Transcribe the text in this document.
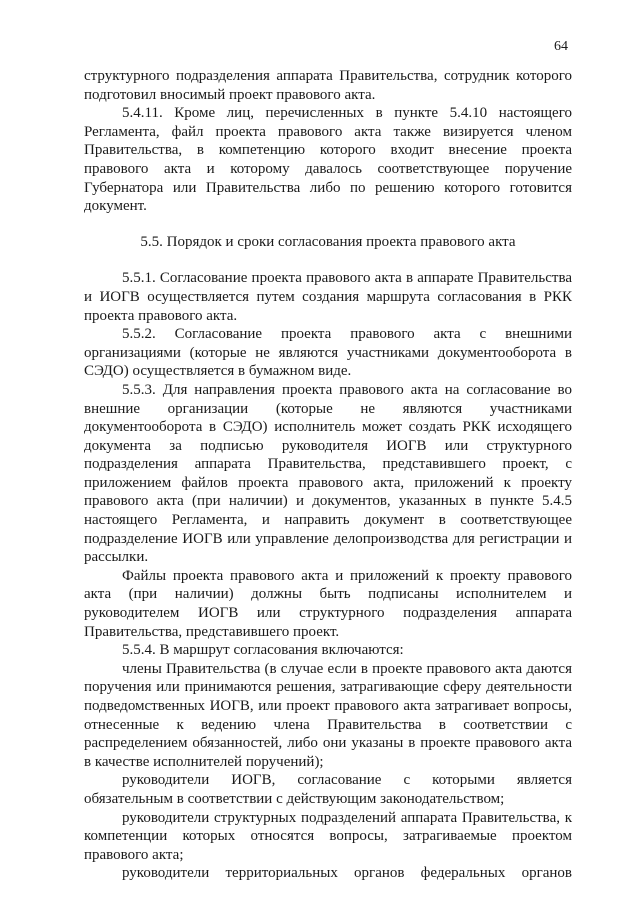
64

структурного подразделения аппарата Правительства, сотрудник которого подготовил вносимый проект правового акта.

5.4.11. Кроме лиц, перечисленных в пункте 5.4.10 настоящего Регламента, файл проекта правового акта также визируется членом Правительства, в компетенцию которого входит внесение проекта правового акта и которому давалось соответствующее поручение Губернатора или Правительства либо по решению которого готовится документ.

5.5. Порядок и сроки согласования проекта правового акта

5.5.1. Согласование проекта правового акта в аппарате Правительства и ИОГВ осуществляется путем создания маршрута согласования в РКК проекта правового акта.

5.5.2. Согласование проекта правового акта с внешними организациями (которые не являются участниками документооборота в СЭДО) осуществляется в бумажном виде.

5.5.3. Для направления проекта правового акта на согласование во внешние организации (которые не являются участниками документооборота в СЭДО) исполнитель может создать РКК исходящего документа за подписью руководителя ИОГВ или структурного подразделения аппарата Правительства, представившего проект, с приложением файлов проекта правового акта, приложений к проекту правового акта (при наличии) и документов, указанных в пункте 5.4.5 настоящего Регламента, и направить документ в соответствующее подразделение ИОГВ или управление делопроизводства для регистрации и рассылки.

Файлы проекта правового акта и приложений к проекту правового акта (при наличии) должны быть подписаны исполнителем и руководителем ИОГВ или структурного подразделения аппарата Правительства, представившего проект.

5.5.4. В маршрут согласования включаются:

члены Правительства (в случае если в проекте правового акта даются поручения или принимаются решения, затрагивающие сферу деятельности подведомственных ИОГВ, или проект правового акта затрагивает вопросы, отнесенные к ведению члена Правительства в соответствии с распределением обязанностей, либо они указаны в проекте правового акта в качестве исполнителей поручений);

руководители ИОГВ, согласование с которыми является обязательным в соответствии с действующим законодательством;

руководители структурных подразделений аппарата Правительства, к компетенции которых относятся вопросы, затрагиваемые проектом правового акта;

руководители территориальных органов федеральных органов
